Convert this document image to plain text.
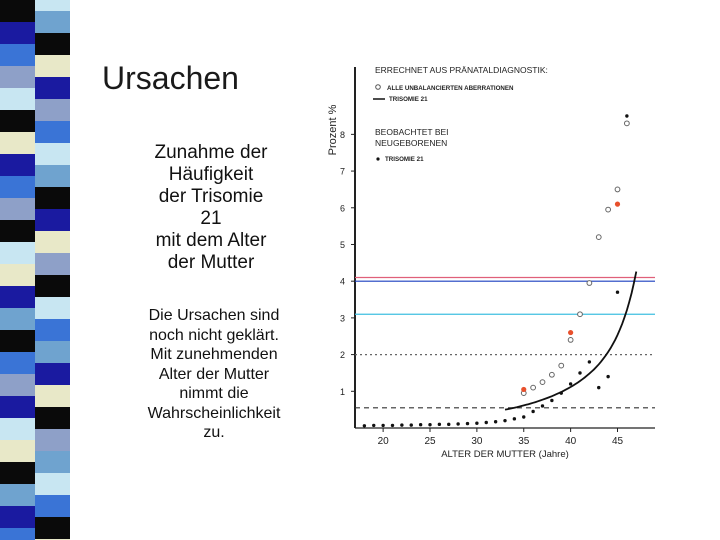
Ursachen
Zunahme der
Häufigkeit
der Trisomie
21
mit dem Alter
der Mutter
Die Ursachen sind
noch nicht geklärt.
Mit zunehmenden
Alter der Mutter
nimmt die
Wahrscheinlichkeit
zu.
20	25	30	35	40	45
1
2
3
4
5
6
7
8
Prozent %
ALTER DER MUTTER (Jahre)
ERRECHNET AUS PRÄNATALDIAGNOSTIK:
ALLE UNBALANCIERTEN ABERRATIONEN
TRISOMIE 21
BEOBACHTET BEI
NEUGEBORENEN
TRISOMIE 21
